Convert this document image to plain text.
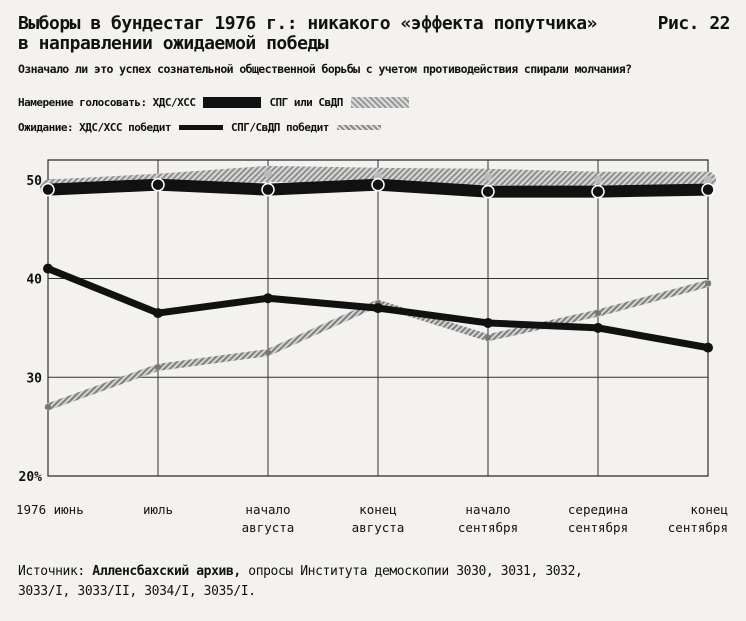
Выборы в бундестаг 1976 г.: никакого «эффекта попутчика»	Рис. 22
в направлении ожидаемой победы
Означало ли это успех сознательной общественной борьбы с учетом противодействия спирали молчания?
Намерение голосовать: ХДС/ХСС	СПГ или СвДП
Ожидание: ХДС/ХСС победит	СПГ/СвДП победит
20%
30
40
50
1976 июнь	июль	начало
августа
конец
августа
начало
сентября
середина
сентября
конец
сентября
Источник: Алленсбахский архив, опросы Института демоскопии 3030, 3031, 3032,
3033/I, 3033/II, 3034/I, 3035/I.
